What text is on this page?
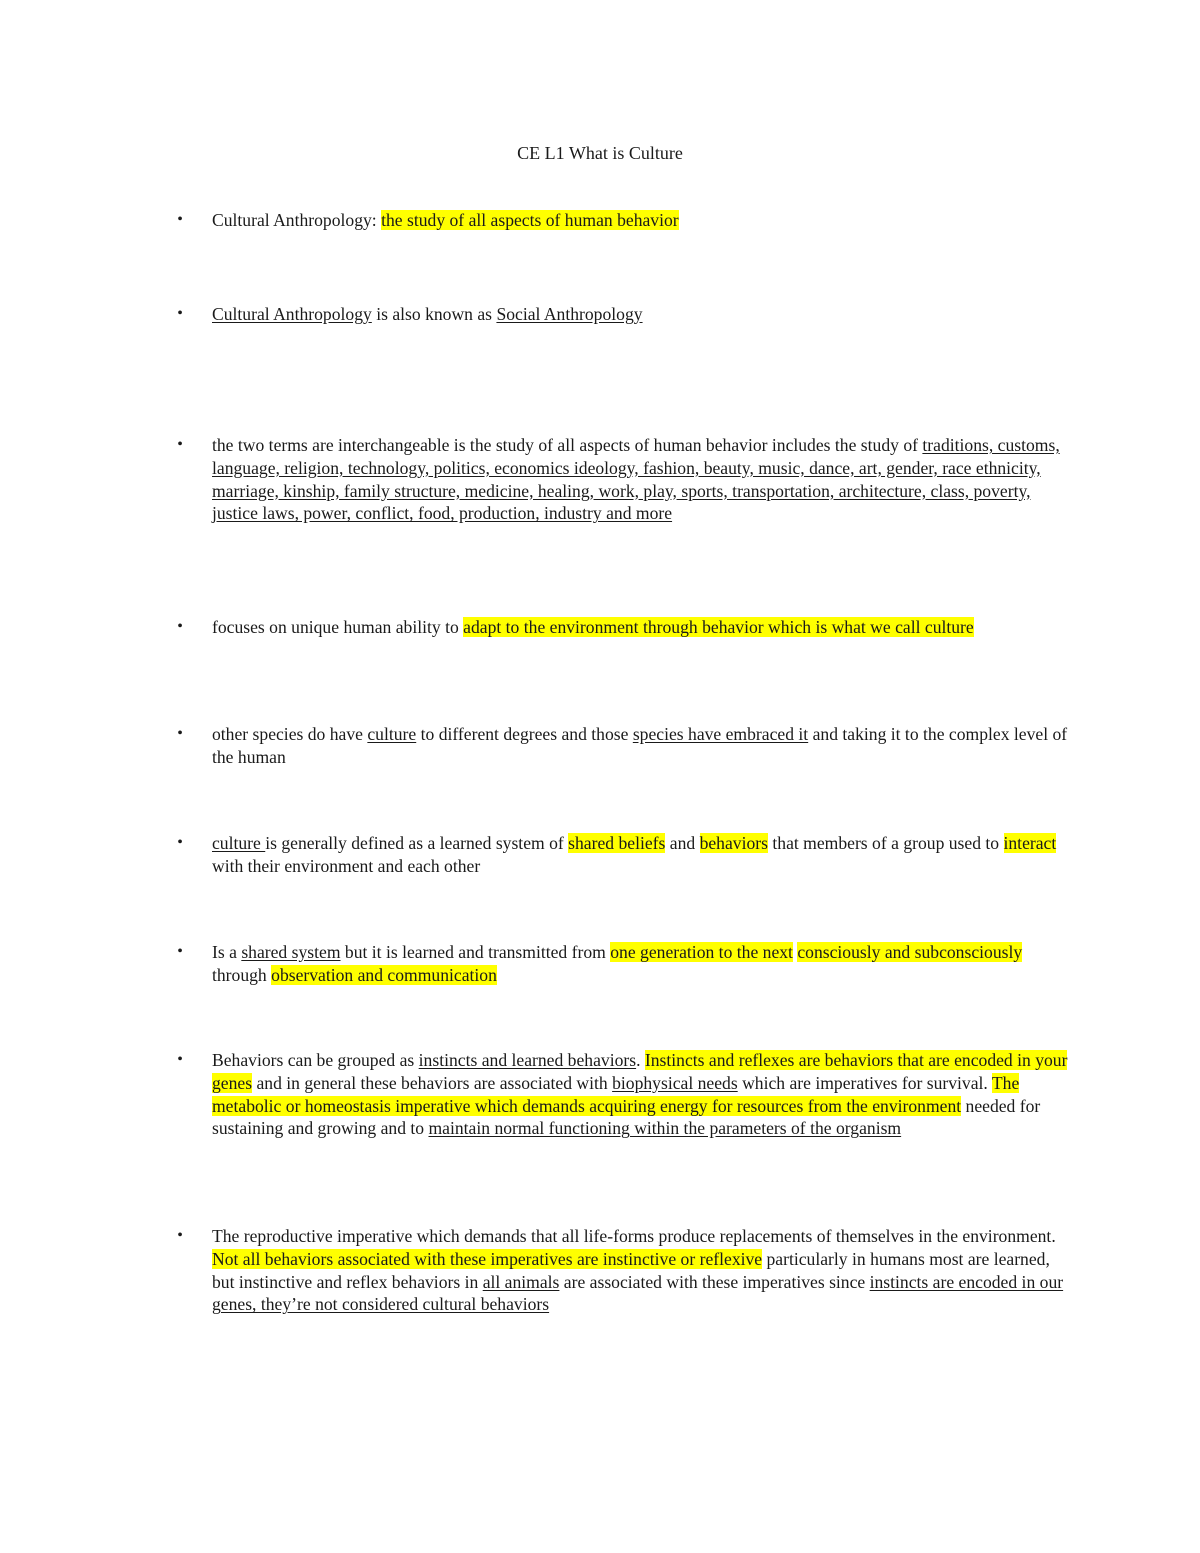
CE L1 What is Culture
• Cultural Anthropology: the study of all aspects of human behavior
• Cultural Anthropology is also known as Social Anthropology
• the two terms are interchangeable is the study of all aspects of human behavior includes the study of traditions, customs, language, religion, technology, politics, economics ideology, fashion, beauty, music, dance, art, gender, race ethnicity, marriage, kinship, family structure, medicine, healing, work, play, sports, transportation, architecture, class, poverty, justice laws, power, conflict, food, production, industry and more
• focuses on unique human ability to adapt to the environment through behavior which is what we call culture
• other species do have culture to different degrees and those species have embraced it and taking it to the complex level of the human
• culture is generally defined as a learned system of shared beliefs and behaviors that members of a group used to interact with their environment and each other
• Is a shared system but it is learned and transmitted from one generation to the next consciously and subconsciously through observation and communication
• Behaviors can be grouped as instincts and learned behaviors. Instincts and reflexes are behaviors that are encoded in your genes and in general these behaviors are associated with biophysical needs which are imperatives for survival. The metabolic or homeostasis imperative which demands acquiring energy for resources from the environment needed for sustaining and growing and to maintain normal functioning within the parameters of the organism
• The reproductive imperative which demands that all life-forms produce replacements of themselves in the environment. Not all behaviors associated with these imperatives are instinctive or reflexive particularly in humans most are learned, but instinctive and reflex behaviors in all animals are associated with these imperatives since instincts are encoded in our genes, they’re not considered cultural behaviors
